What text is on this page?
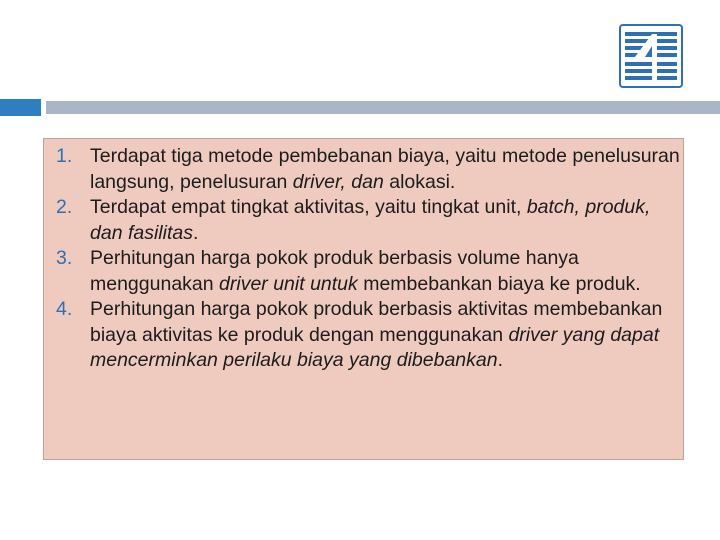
1. Terdapat tiga metode pembebanan biaya, yaitu metode penelusuran langsung, penelusuran driver, dan alokasi.
2. Terdapat empat tingkat aktivitas, yaitu tingkat unit, batch, produk, dan fasilitas.
3. Perhitungan harga pokok produk berbasis volume hanya menggunakan driver unit untuk membebankan biaya ke produk.
4. Perhitungan harga pokok produk berbasis aktivitas membebankan biaya aktivitas ke produk dengan menggunakan driver yang dapat mencerminkan perilaku biaya yang dibebankan.
